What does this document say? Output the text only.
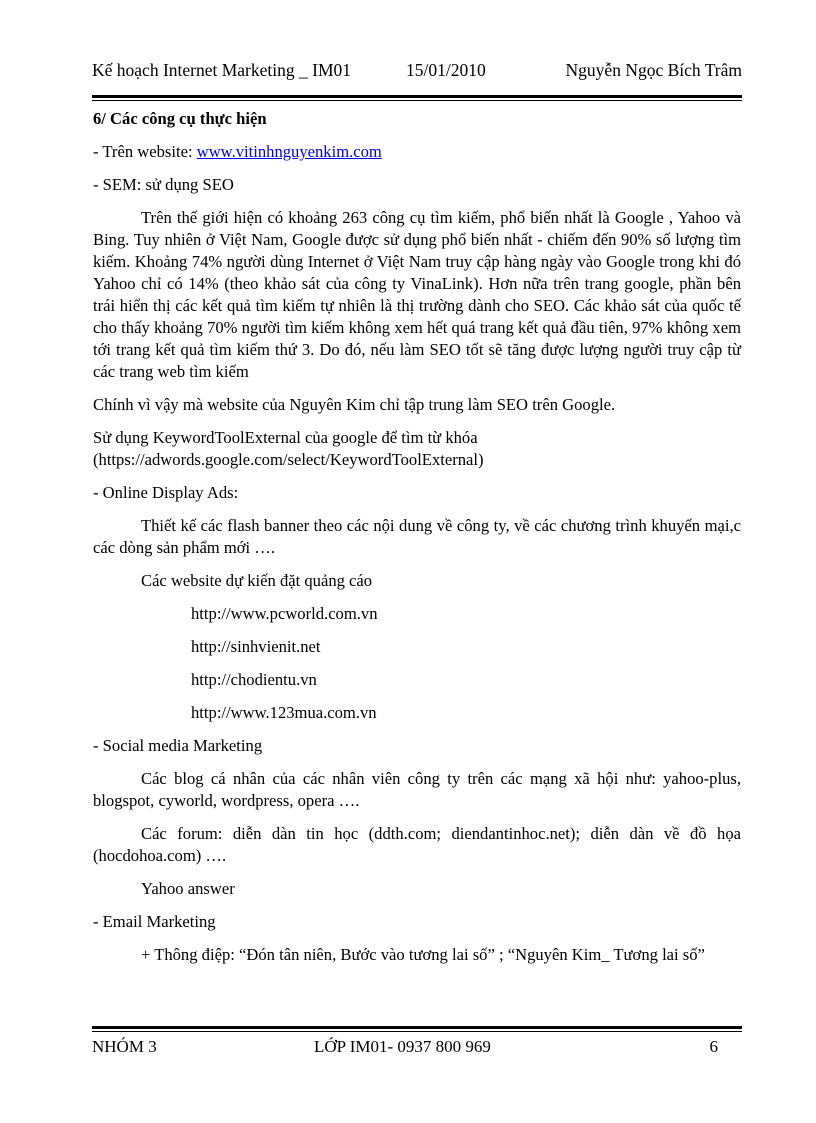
Kế hoạch Internet Marketing _ IM01	15/01/2010	Nguyễn Ngọc Bích Trâm

6/ Các công cụ thực hiện

- Trên website: www.vitinhnguyenkim.com

- SEM: sử dụng SEO

Trên thế giới hiện có khoảng 263 công cụ tìm kiếm, phổ biến nhất là Google , Yahoo và Bing. Tuy nhiên ở Việt Nam, Google được sử dụng phổ biến nhất - chiếm đến 90% số lượng tìm kiếm. Khoảng 74% người dùng Internet ở Việt Nam truy cập hàng ngày vào Google trong khi đó Yahoo chỉ có 14% (theo khảo sát của công ty VinaLink). Hơn nữa trên trang google, phần bên trái hiển thị các kết quả tìm kiếm tự nhiên là thị trường dành cho SEO. Các khảo sát của quốc tế cho thấy khoảng 70% người tìm kiếm không xem hết quá trang kết quả đầu tiên, 97% không xem tới trang kết quả tìm kiếm thứ 3. Do đó, nếu làm SEO tốt sẽ tăng được lượng người truy cập từ các trang web tìm kiếm

Chính vì vậy mà website của Nguyên Kim chỉ tập trung làm SEO trên Google.

Sử dụng KeywordToolExternal của google để tìm từ khóa
(https://adwords.google.com/select/KeywordToolExternal)

- Online Display Ads:

Thiết kế các flash banner theo các nội dung về công ty, về các chương trình khuyến mại,c các dòng sản phẩm mới ….

Các website dự kiến đặt quảng cáo

http://www.pcworld.com.vn

http://sinhvienit.net

http://chodientu.vn

http://www.123mua.com.vn

- Social media Marketing

Các blog cá nhân của các nhân viên công ty trên các mạng xã hội như: yahoo-plus, blogspot, cyworld, wordpress, opera ….

Các forum: diễn dàn tin học (ddth.com; diendantinhoc.net); diễn dàn về đồ họa (hocdohoa.com) ….

Yahoo answer

- Email Marketing

+ Thông điệp: “Đón tân niên, Bước vào tương lai số” ; “Nguyên Kim_ Tương lai số”

NHÓM 3	LỚP IM01- 0937 800 969	6
